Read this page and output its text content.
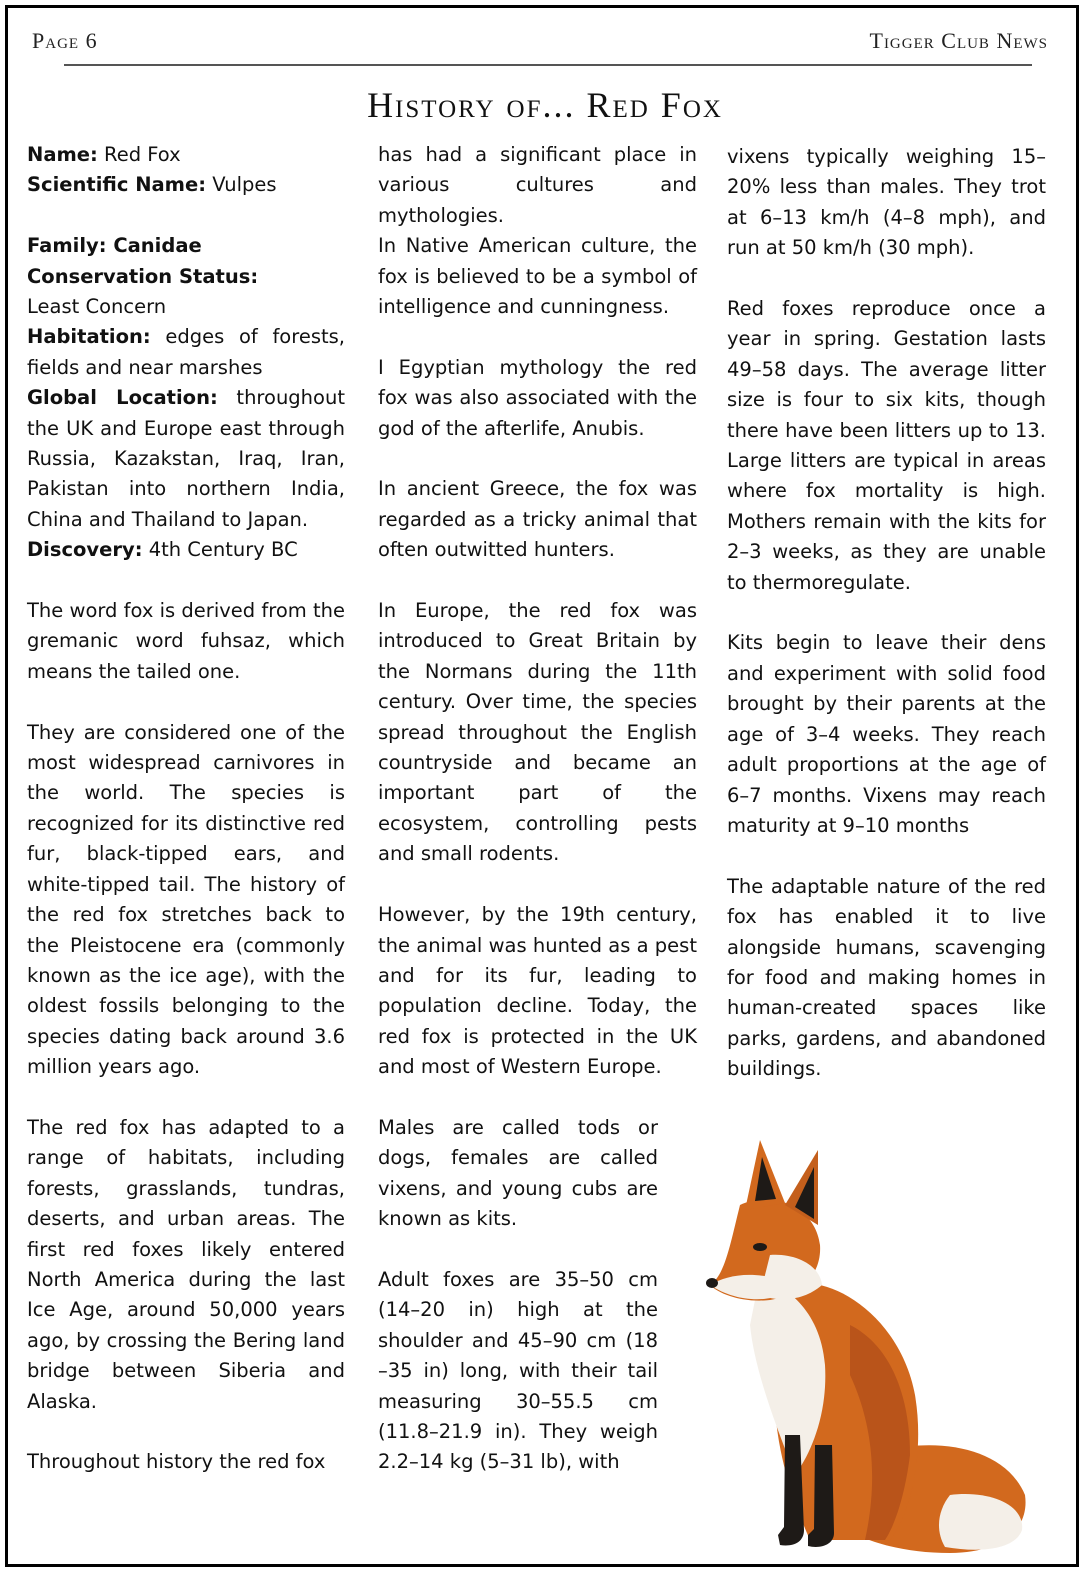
Page 6	Tigger Club News
History of... Red Fox

Name: Red Fox

Scientific Name: Vulpes

Family: Canidae

Conservation Status:

Least Concern

Habitation: edges of forests, fields and near marshes

Global Location: throughout the UK and Europe east through Russia, Kazakstan, Iraq, Iran, Pakistan into northern India, China and Thailand to Japan.

Discovery: 4th Century BC

The word fox is derived from the gremanic word fuhsaz, which means the tailed one.

They are considered one of the most widespread carnivores in the world. The species is recognized for its distinctive red fur, black-tipped ears, and white-tipped tail. The history of the red fox stretches back to the Pleistocene era (commonly known as the ice age), with the oldest fossils belonging to the species dating back around 3.6 million years ago.

The red fox has adapted to a range of habitats, including forests, grasslands, tundras, deserts, and urban areas. The first red foxes likely entered North America during the last Ice Age, around 50,000 years ago, by crossing the Bering land bridge between Siberia and Alaska.

Throughout history the red fox

has had a significant place in various cultures and mythologies.

In Native American culture, the fox is believed to be a symbol of intelligence and cunningness.

I Egyptian mythology the red fox was also associated with the god of the afterlife, Anubis.

In ancient Greece, the fox was regarded as a tricky animal that often outwitted hunters.

In Europe, the red fox was introduced to Great Britain by the Normans during the 11th century. Over time, the species spread throughout the English countryside and became an important part of the ecosystem, controlling pests and small rodents.

However, by the 19th century, the animal was hunted as a pest and for its fur, leading to population decline. Today, the red fox is protected in the UK and most of Western Europe.

Males are called tods or dogs, females are called vixens, and young cubs are known as kits.

Adult foxes are 35–50 cm (14–20 in) high at the shoulder and 45–90 cm (18 –35 in) long, with their tail measuring 30–55.5 cm (11.8–21.9 in). They weigh 2.2–14 kg (5–31 lb), with

vixens typically weighing 15–20% less than males. They trot at 6–13 km/h (4–8 mph), and run at 50 km/h (30 mph).

Red foxes reproduce once a year in spring. Gestation lasts 49–58 days. The average litter size is four to six kits, though there have been litters up to 13. Large litters are typical in areas where fox mortality is high. Mothers remain with the kits for 2–3 weeks, as they are unable to thermoregulate.

Kits begin to leave their dens and experiment with solid food brought by their parents at the age of 3–4 weeks. They reach adult proportions at the age of 6–7 months. Vixens may reach maturity at 9–10 months

The adaptable nature of the red fox has enabled it to live alongside humans, scavenging for food and making homes in human-created spaces like parks, gardens, and abandoned buildings.
